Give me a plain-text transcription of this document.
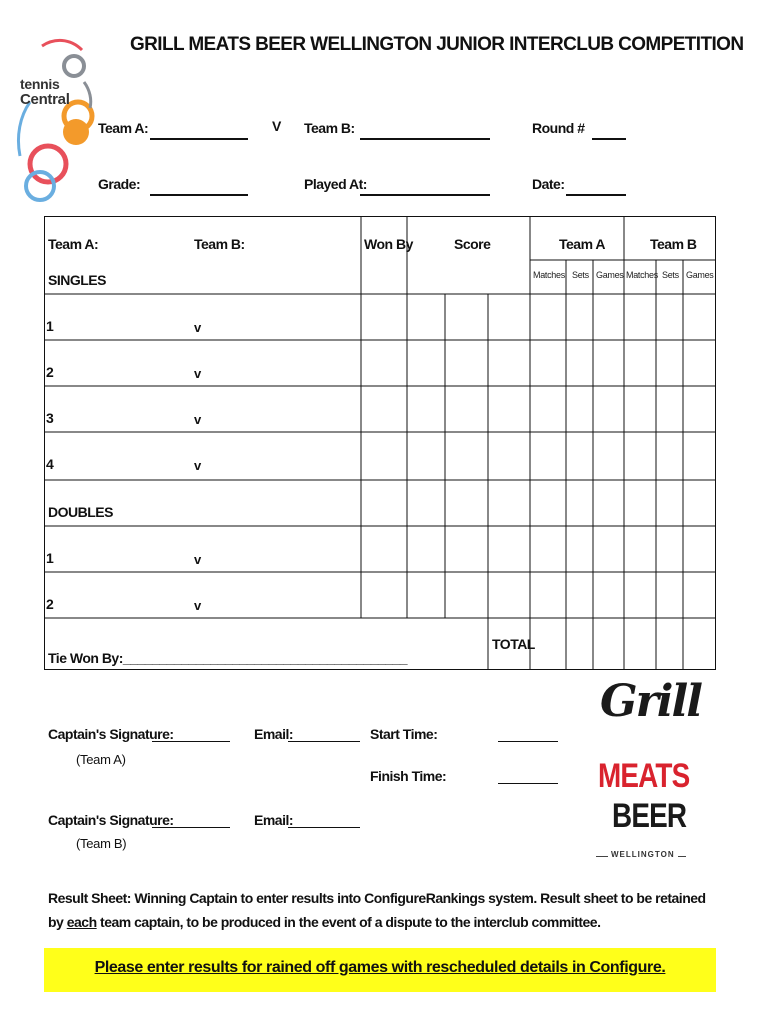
tennis
Central
GRILL MEATS BEER WELLINGTON JUNIOR INTERCLUB COMPETITION
Team A:	V Team B:	Round #
Grade:	Played At:	Date:
Team A:	Team B:	Won By	Score	Team A	Team B
Matches Sets Games Matches Sets Games
SINGLES
1	v
2	v
3	v
4	v
DOUBLES
1	v
2	v
TOTAL
Tie Won By:_______________________________________
Captain's Signature:	Email:	Start Time:
(Team A)
Finish Time:
Captain's Signature:	Email:
(Team B)
Grill
MEATS
BEER
WELLINGTON
Result Sheet: Winning Captain to enter results into ConfigureRankings system. Result sheet to be retained by each team captain, to be produced in the event of a dispute to the interclub committee.
Please enter results for rained off games with rescheduled details in Configure.
